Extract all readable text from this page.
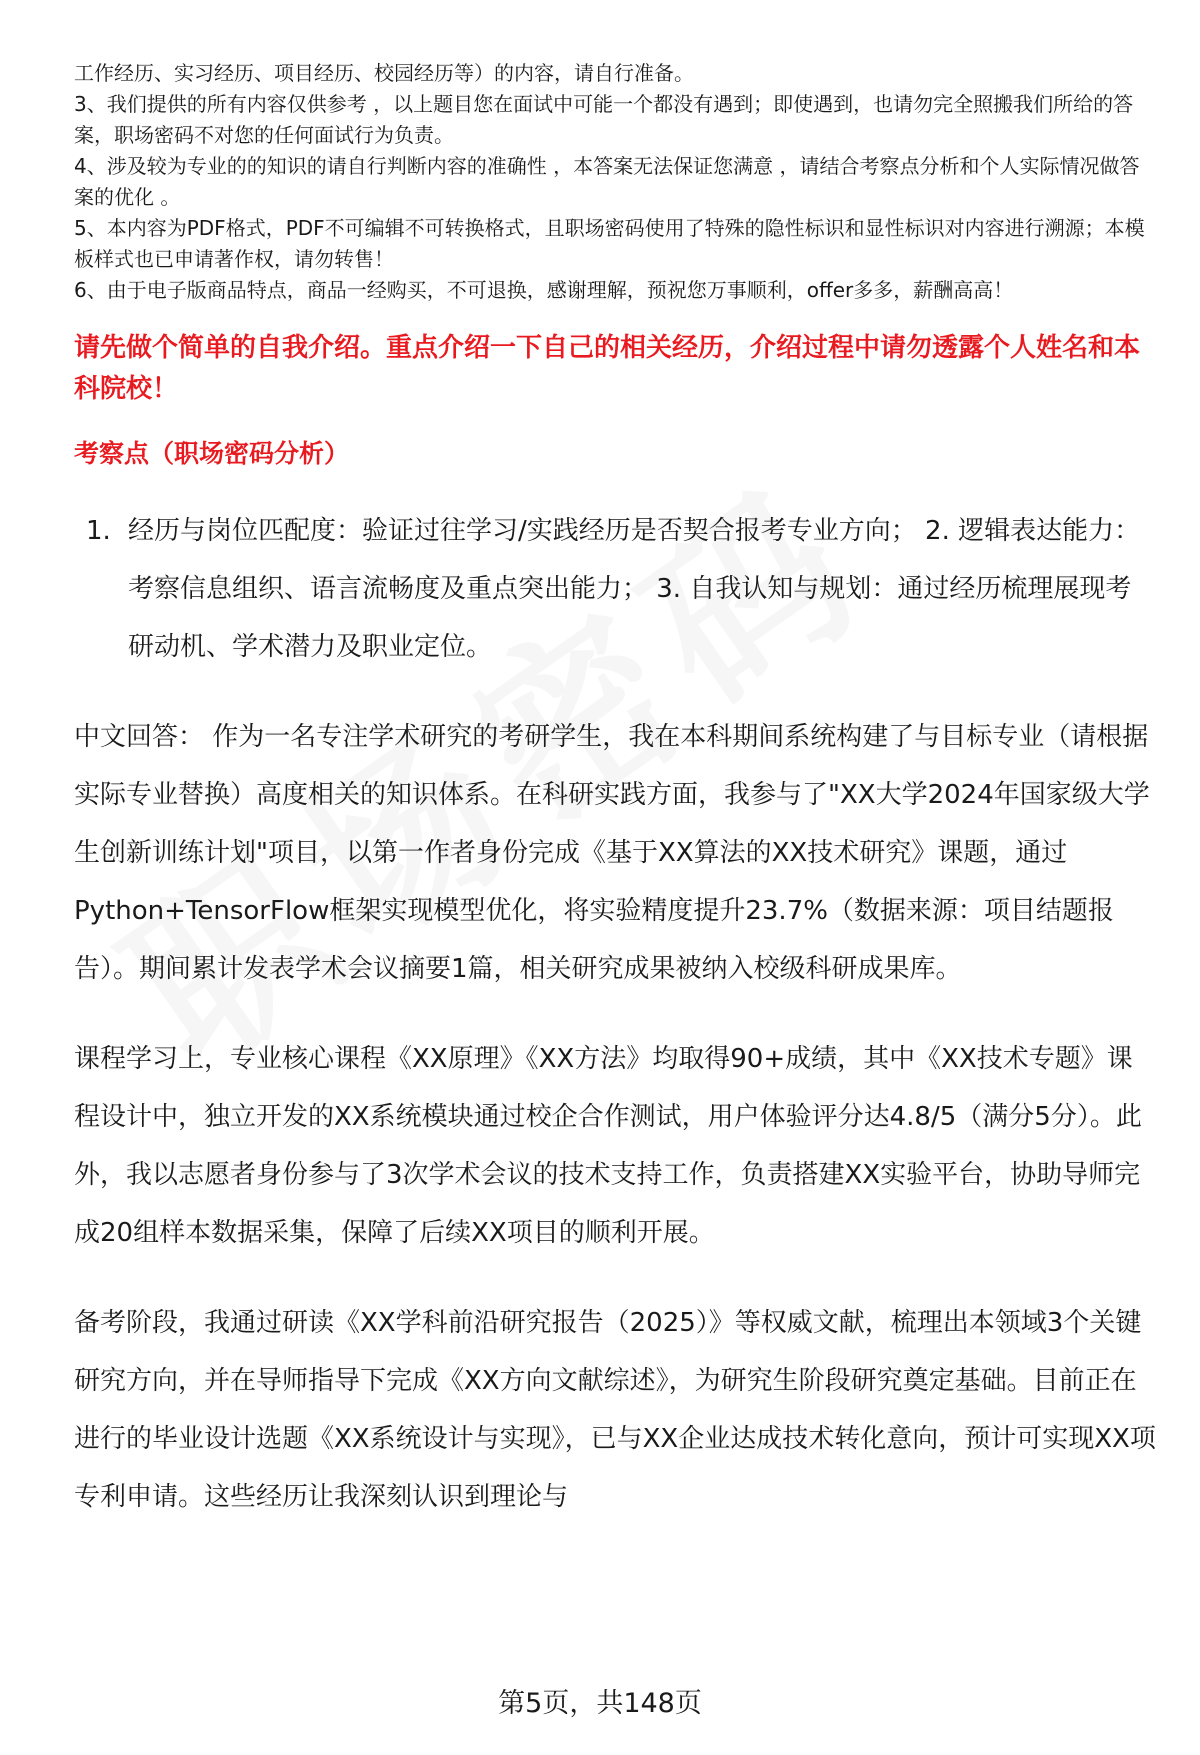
工作经历、实习经历、项目经历、校园经历等）的内容，请自行准备。

3、我们提供的所有内容仅供参考 ，以上题目您在面试中可能一个都没有遇到；即使遇到，也请勿完全照搬我们所给的答案，职场密码不对您的任何面试行为负责。

4、涉及较为专业的的知识的请自行判断内容的准确性 ，本答案无法保证您满意 ，请结合考察点分析和个人实际情况做答案的优化 。

5、本内容为PDF格式，PDF不可编辑不可转换格式，且职场密码使用了特殊的隐性标识和显性标识对内容进行溯源；本模板样式也已申请著作权，请勿转售！

6、由于电子版商品特点，商品一经购买，不可退换，感谢理解，预祝您万事顺利，offer多多，薪酬高高！

请先做个简单的自我介绍。重点介绍一下自己的相关经历，介绍过程中请勿透露个人姓名和本科院校！
考察点（职场密码分析）
1. 经历与岗位匹配度：验证过往学习/实践经历是否契合报考专业方向； 2. 逻辑表达能力：考察信息组织、语言流畅度及重点突出能力； 3. 自我认知与规划：通过经历梳理展现考研动机、学术潜力及职业定位。

中文回答： 作为一名专注学术研究的考研学生，我在本科期间系统构建了与目标专业（请根据实际专业替换）高度相关的知识体系。在科研实践方面，我参与了"XX大学2024年国家级大学生创新训练计划"项目，以第一作者身份完成《基于XX算法的XX技术研究》课题，通过Python+TensorFlow框架实现模型优化，将实验精度提升23.7%（数据来源：项目结题报告）。期间累计发表学术会议摘要1篇，相关研究成果被纳入校级科研成果库。

课程学习上，专业核心课程《XX原理》《XX方法》均取得90+成绩，其中《XX技术专题》课程设计中，独立开发的XX系统模块通过校企合作测试，用户体验评分达4.8/5（满分5分）。此外，我以志愿者身份参与了3次学术会议的技术支持工作，负责搭建XX实验平台，协助导师完成20组样本数据采集，保障了后续XX项目的顺利开展。

备考阶段，我通过研读《XX学科前沿研究报告（2025）》等权威文献，梳理出本领域3个关键研究方向，并在导师指导下完成《XX方向文献综述》，为研究生阶段研究奠定基础。目前正在进行的毕业设计选题《XX系统设计与实现》，已与XX企业达成技术转化意向，预计可实现XX项专利申请。这些经历让我深刻认识到理论与

第5页，共148页
